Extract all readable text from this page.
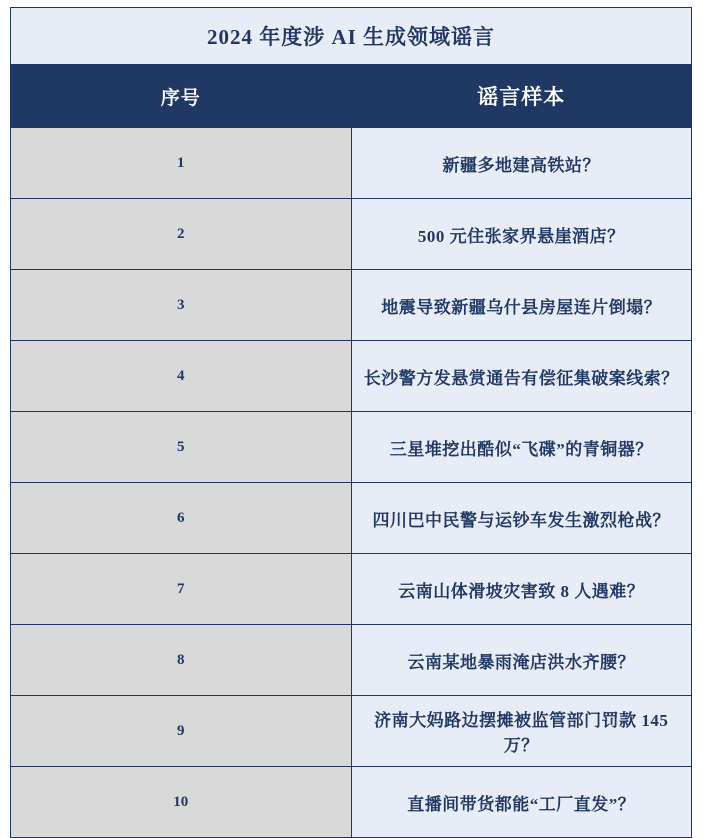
2024 年度涉 AI 生成领域谣言	
序号	谣言样本
1	新疆多地建高铁站？
2	500 元住张家界悬崖酒店？
3	地震导致新疆乌什县房屋连片倒塌？
4	长沙警方发悬赏通告有偿征集破案线索？
5	三星堆挖出酷似“飞碟”的青铜器？
6	四川巴中民警与运钞车发生激烈枪战？
7	云南山体滑坡灾害致 8 人遇难？
8	云南某地暴雨淹店洪水齐腰？
9	济南大妈路边摆摊被监管部门罚款 145 万？
10	直播间带货都能“工厂直发”？
